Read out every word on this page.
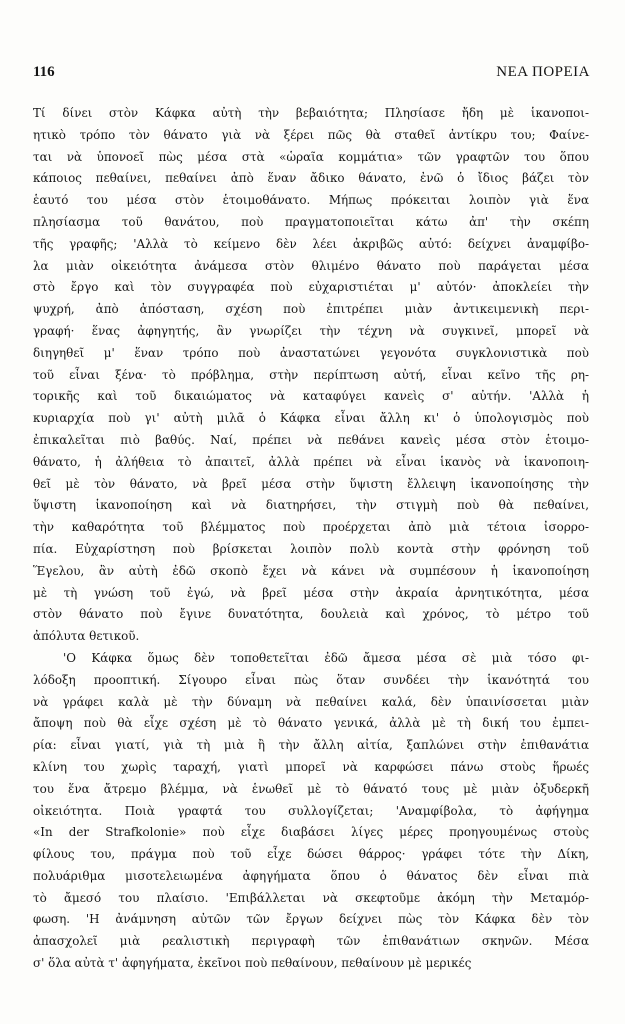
116	ΝΕΑ ΠΟΡΕΙΑ
Τί δίνει στὸν Κάφκα αὐτὴ τὴν βεβαιότητα; Πλησίασε ἤδη μὲ ἱκανοποι-
ητικὸ τρόπο τὸν θάνατο γιὰ νὰ ξέρει πῶς θὰ σταθεῖ ἀντίκρυ του; Φαίνε-
ται νὰ ὑπονοεῖ πὼς μέσα στὰ «ὡραῖα κομμάτια» τῶν γραφτῶν του ὅπου
κάποιος πεθαίνει, πεθαίνει ἀπὸ ἕναν ἄδικο θάνατο, ἐνῶ ὁ ἴδιος βάζει τὸν
ἑαυτό του μέσα στὸν ἑτοιμοθάνατο. Μήπως πρόκειται λοιπὸν γιὰ ἕνα
πλησίασμα τοῦ θανάτου, ποὺ πραγματοποιεῖται κάτω ἀπ' τὴν σκέπη
τῆς γραφῆς; 'Αλλὰ τὸ κείμενο δὲν λέει ἀκριβῶς αὐτό: δείχνει ἀναμφίβο-
λα μιὰν οἰκειότητα ἀνάμεσα στὸν θλιμένο θάνατο ποὺ παράγεται μέσα
στὸ ἔργο καὶ τὸν συγγραφέα ποὺ εὐχαριστιέται μ' αὐτόν· ἀποκλείει τὴν
ψυχρή, ἀπὸ ἀπόσταση, σχέση ποὺ ἐπιτρέπει μιὰν ἀντικειμενικὴ περι-
γραφή· ἕνας ἀφηγητής, ἂν γνωρίζει τὴν τέχνη νὰ συγκινεῖ, μπορεῖ νὰ
διηγηθεῖ μ' ἕναν τρόπο ποὺ ἀναστατώνει γεγονότα συγκλονιστικὰ ποὺ
τοῦ εἶναι ξένα· τὸ πρόβλημα, στὴν περίπτωση αὐτή, εἶναι κεῖνο τῆς ρη-
τορικῆς καὶ τοῦ δικαιώματος νὰ καταφύγει κανεὶς σ' αὐτήν. 'Αλλὰ ἡ
κυριαρχία ποὺ γι' αὐτὴ μιλᾶ ὁ Κάφκα εἶναι ἄλλη κι' ὁ ὑπολογισμὸς ποὺ
ἐπικαλεῖται πιὸ βαθύς. Ναί, πρέπει νὰ πεθάνει κανεὶς μέσα στὸν ἑτοιμο-
θάνατο, ἡ ἀλήθεια τὸ ἀπαιτεῖ, ἀλλὰ πρέπει νὰ εἶναι ἱκανὸς νὰ ἱκανοποιη-
θεῖ μὲ τὸν θάνατο, νὰ βρεῖ μέσα στὴν ὕψιστη ἔλλειψη ἱκανοποίησης τὴν
ὕψιστη ἱκανοποίηση καὶ νὰ διατηρήσει, τὴν στιγμὴ ποὺ θὰ πεθαίνει,
τὴν καθαρότητα τοῦ βλέμματος ποὺ προέρχεται ἀπὸ μιὰ τέτοια ἰσορρο-
πία. Εὐχαρίστηση ποὺ βρίσκεται λοιπὸν πολὺ κοντὰ στὴν φρόνηση τοῦ
Ἕγελου, ἂν αὐτὴ ἐδῶ σκοπὸ ἔχει νὰ κάνει νὰ συμπέσουν ἡ ἱκανοποίηση
μὲ τὴ γνώση τοῦ ἐγώ, νὰ βρεῖ μέσα στὴν ἀκραία ἀρνητικότητα, μέσα
στὸν θάνατο ποὺ ἔγινε δυνατότητα, δουλειὰ καὶ χρόνος, τὸ μέτρο τοῦ
ἀπόλυτα θετικοῦ.
'Ο Κάφκα ὅμως δὲν τοποθετεῖται ἐδῶ ἄμεσα μέσα σὲ μιὰ τόσο φι-
λόδοξη προοπτική. Σίγουρο εἶναι πὼς ὅταν συνδέει τὴν ἱκανότητά του
νὰ γράφει καλὰ μὲ τὴν δύναμη νὰ πεθαίνει καλά, δὲν ὑπαινίσσεται μιὰν
ἄποψη ποὺ θὰ εἶχε σχέση μὲ τὸ θάνατο γενικά, ἀλλὰ μὲ τὴ δική του ἐμπει-
ρία: εἶναι γιατί, γιὰ τὴ μιὰ ἢ τὴν ἄλλη αἰτία, ξαπλώνει στὴν ἐπιθανάτια
κλίνη του χωρὶς ταραχή, γιατὶ μπορεῖ νὰ καρφώσει πάνω στοὺς ἥρωές
του ἕνα ἄτρεμο βλέμμα, νὰ ἑνωθεῖ μὲ τὸ θάνατό τους μὲ μιὰν ὀξυδερκῆ
οἰκειότητα. Ποιὰ γραφτά του συλλογίζεται; 'Αναμφίβολα, τὸ ἀφήγημα
«In der Strafkolonie» ποὺ εἶχε διαβάσει λίγες μέρες προηγουμένως στοὺς
φίλους του, πράγμα ποὺ τοῦ εἶχε δώσει θάρρος· γράφει τότε τὴν Δίκη,
πολυάριθμα μισοτελειωμένα ἀφηγήματα ὅπου ὁ θάνατος δὲν εἶναι πιὰ
τὸ ἄμεσό του πλαίσιο. 'Επιβάλλεται νὰ σκεφτοῦμε ἀκόμη τὴν Μεταμόρ-
φωση. 'Η ἀνάμνηση αὐτῶν τῶν ἔργων δείχνει πὼς τὸν Κάφκα δὲν τὸν
ἀπασχολεῖ μιὰ ρεαλιστικὴ περιγραφὴ τῶν ἐπιθανάτιων σκηνῶν. Μέσα
σ' ὅλα αὐτὰ τ' ἀφηγήματα, ἐκεῖνοι ποὺ πεθαίνουν, πεθαίνουν μὲ μερικές
